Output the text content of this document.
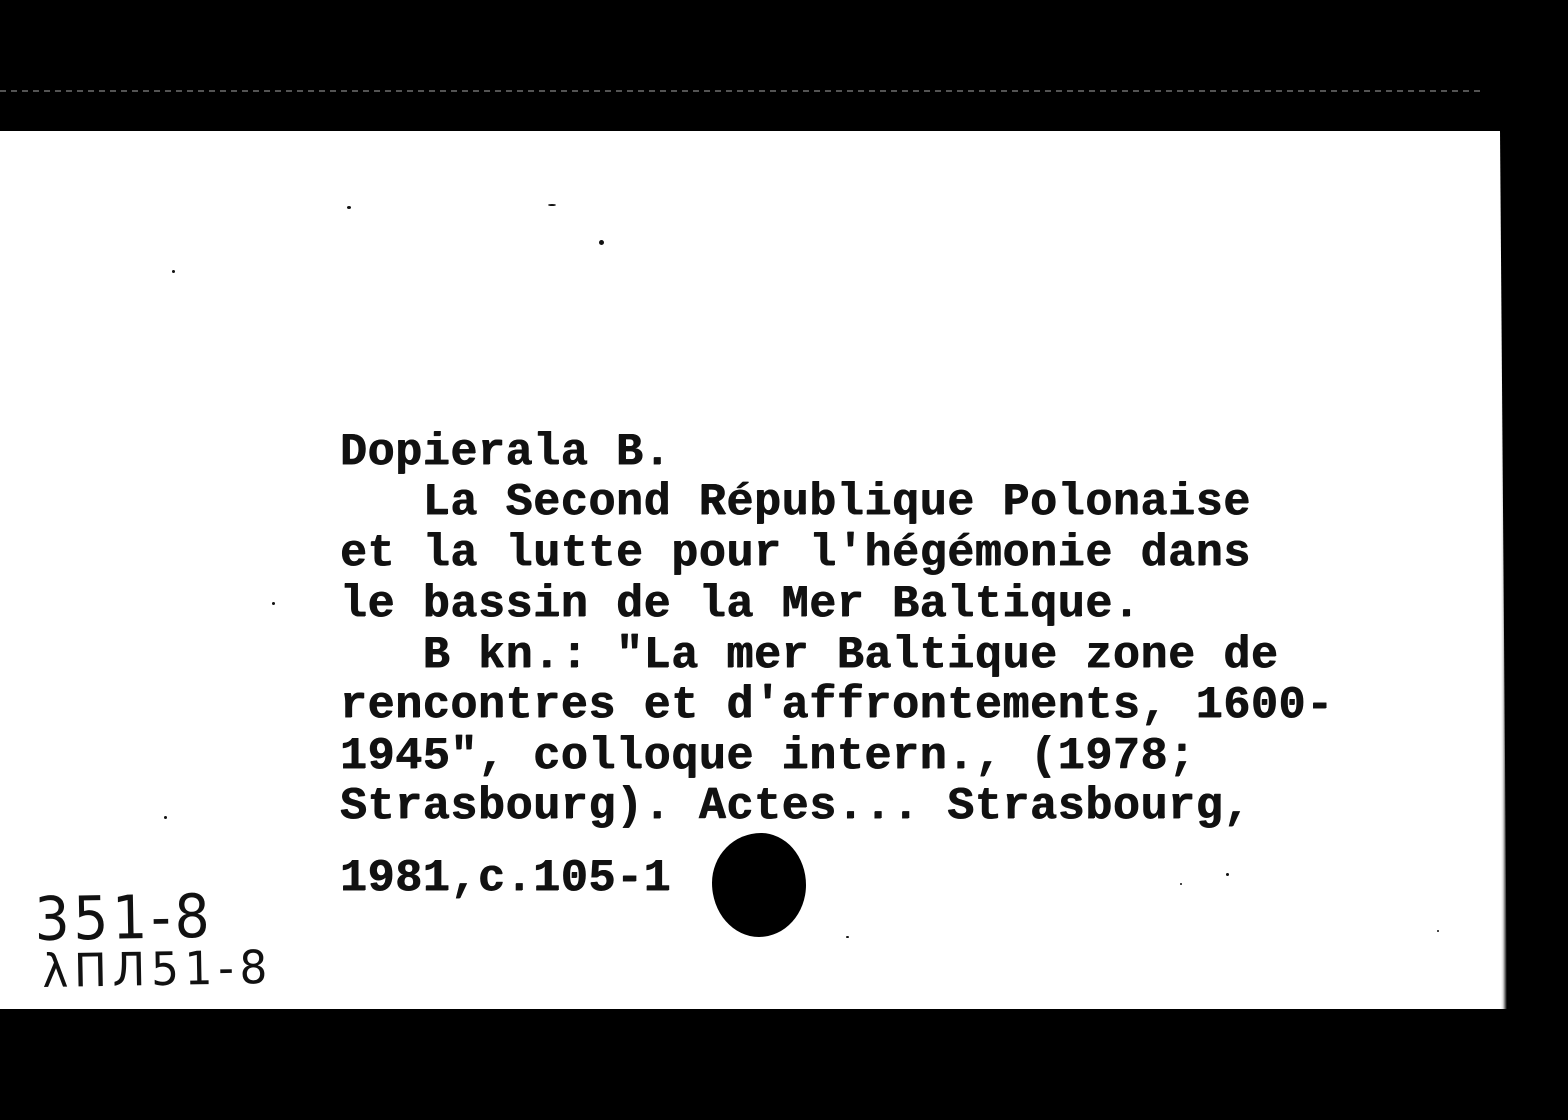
Dopierala B.
La Second République Polonaise
et la lutte pour l'hégémonie dans
le bassin de la Mer Baltique.
B kn.: "La mer Baltique zone de
rencontres et d'affrontements, 1600-
1945", colloque intern., (1978;
Strasbourg). Actes... Strasbourg,
1981,c.105-1
351-8
λПЛ51-8
